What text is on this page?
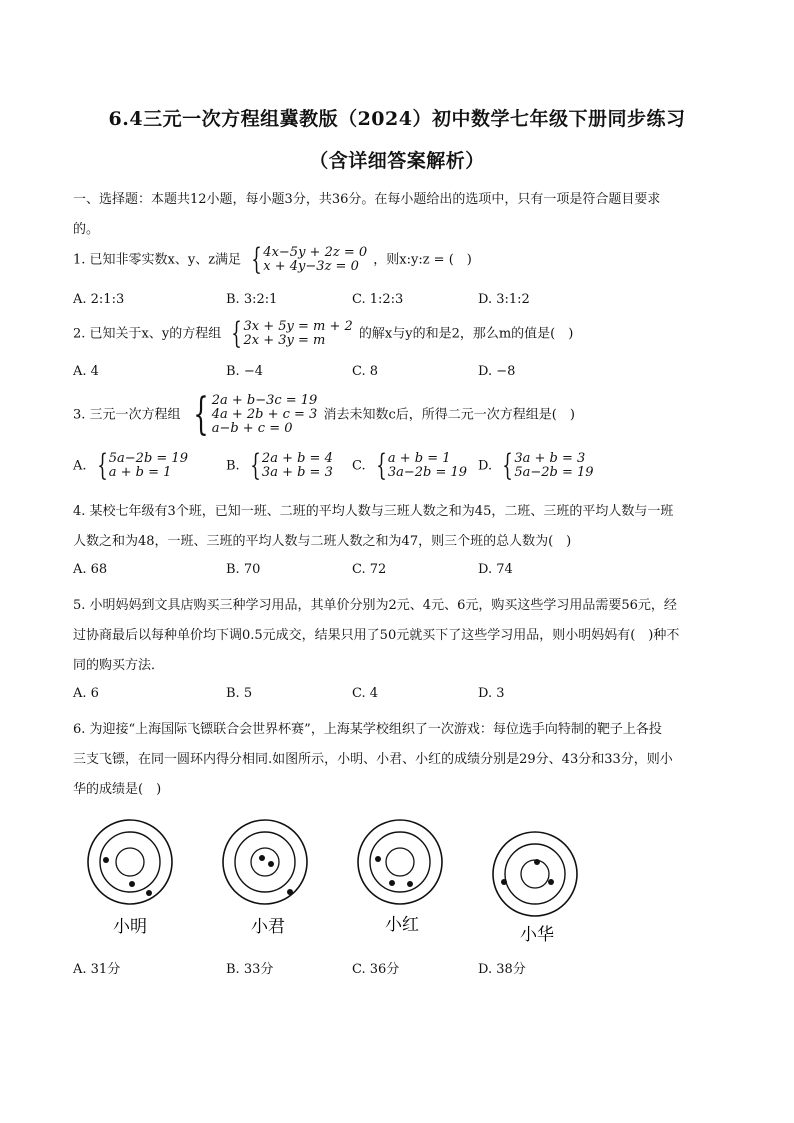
6.4三元一次方程组冀教版（2024）初中数学七年级下册同步练习
（含详细答案解析）
一、选择题：本题共12小题，每小题3分，共36分。在每小题给出的选项中，只有一项是符合题目要求
的。
1. 已知非零实数x、y、z满足 { 4x−5y + 2z = 0
x + 4y−3z = 0	，则x:y:z = (　)
A. 2:1:3	B. 3:2:1	C. 1:2:3	D. 3:1:2
2. 已知关于x、y的方程组 { 3x + 5y = m + 2
2x + 3y = m	的解x与y的和是2，那么m的值是(　)
A. 4	B. −4	C. 8	D. −8
3. 三元一次方程组 { 2a + b−3c = 19
4a + 2b + c = 3
a−b + c = 0
消去未知数c后，所得二元一次方程组是(　)
A. { 5a−2b = 19
a + b = 1	B. { 2a + b = 4
3a + b = 3 C. { a + b = 1
3a−2b = 19 D. { 3a + b = 3
5a−2b = 19
4. 某校七年级有3个班，已知一班、二班的平均人数与三班人数之和为45，二班、三班的平均人数与一班
人数之和为48，一班、三班的平均人数与二班人数之和为47，则三个班的总人数为(　)
A. 68	B. 70	C. 72	D. 74
5. 小明妈妈到文具店购买三种学习用品，其单价分别为2元、4元、6元，购买这些学习用品需要56元，经
过协商最后以每种单价均下调0.5元成交，结果只用了50元就买下了这些学习用品，则小明妈妈有(　)种不
同的购买方法．
A. 6	B. 5	C. 4	D. 3
6. 为迎接“上海国际飞镖联合会世界杯赛”，上海某学校组织了一次游戏：每位选手向特制的靶子上各投
三支飞镖，在同一圆环内得分相同.如图所示，小明、小君、小红的成绩分别是29分、43分和33分，则小
华的成绩是(　)
小明	小君	小红	小华
A. 31分	B. 33分	C. 36分	D. 38分
